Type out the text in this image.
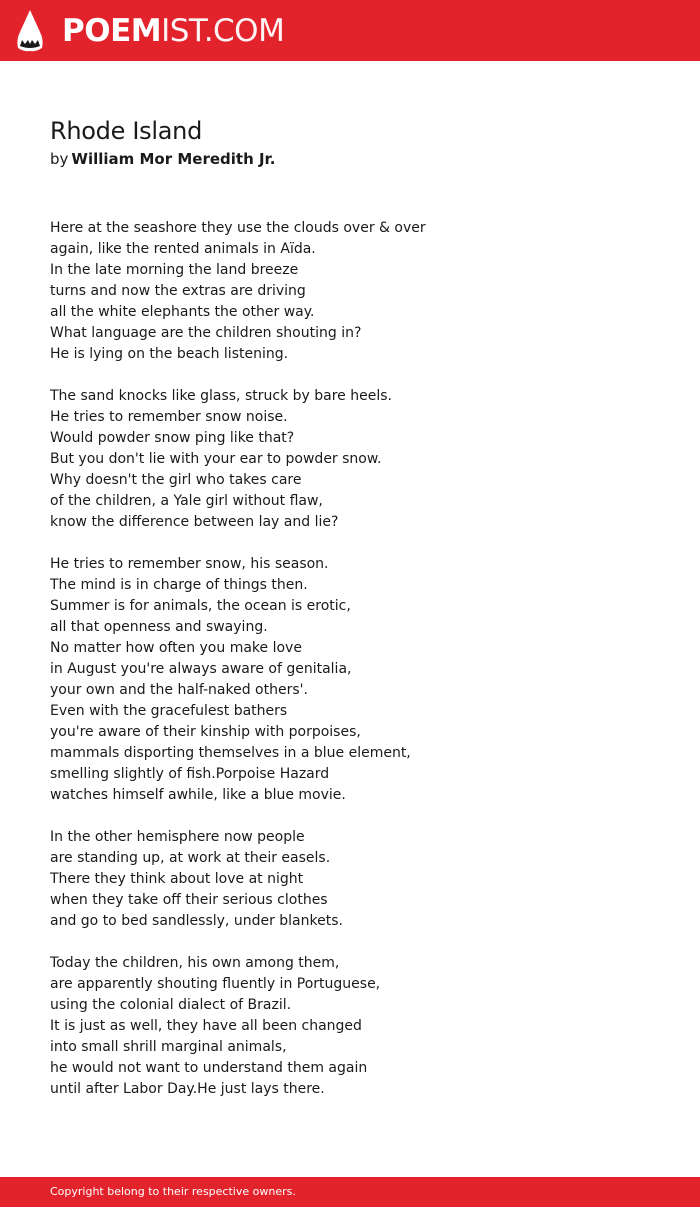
POEMIST.COM
Rhode Island
by William Mor Meredith Jr.
Here at the seashore they use the clouds over & over
again, like the rented animals in Aïda.
In the late morning the land breeze
turns and now the extras are driving
all the white elephants the other way.
What language are the children shouting in?
He is lying on the beach listening.
The sand knocks like glass, struck by bare heels.
He tries to remember snow noise.
Would powder snow ping like that?
But you don't lie with your ear to powder snow.
Why doesn't the girl who takes care
of the children, a Yale girl without flaw,
know the difference between lay and lie?
He tries to remember snow, his season.
The mind is in charge of things then.
Summer is for animals, the ocean is erotic,
all that openness and swaying.
No matter how often you make love
in August you're always aware of genitalia,
your own and the half-naked others'.
Even with the gracefulest bathers
you're aware of their kinship with porpoises,
mammals disporting themselves in a blue element,
smelling slightly of fish.Porpoise Hazard
watches himself awhile, like a blue movie.
In the other hemisphere now people
are standing up, at work at their easels.
There they think about love at night
when they take off their serious clothes
and go to bed sandlessly, under blankets.
Today the children, his own among them,
are apparently shouting fluently in Portuguese,
using the colonial dialect of Brazil.
It is just as well, they have all been changed
into small shrill marginal animals,
he would not want to understand them again
until after Labor Day.He just lays there.
Copyright belong to their respective owners.
